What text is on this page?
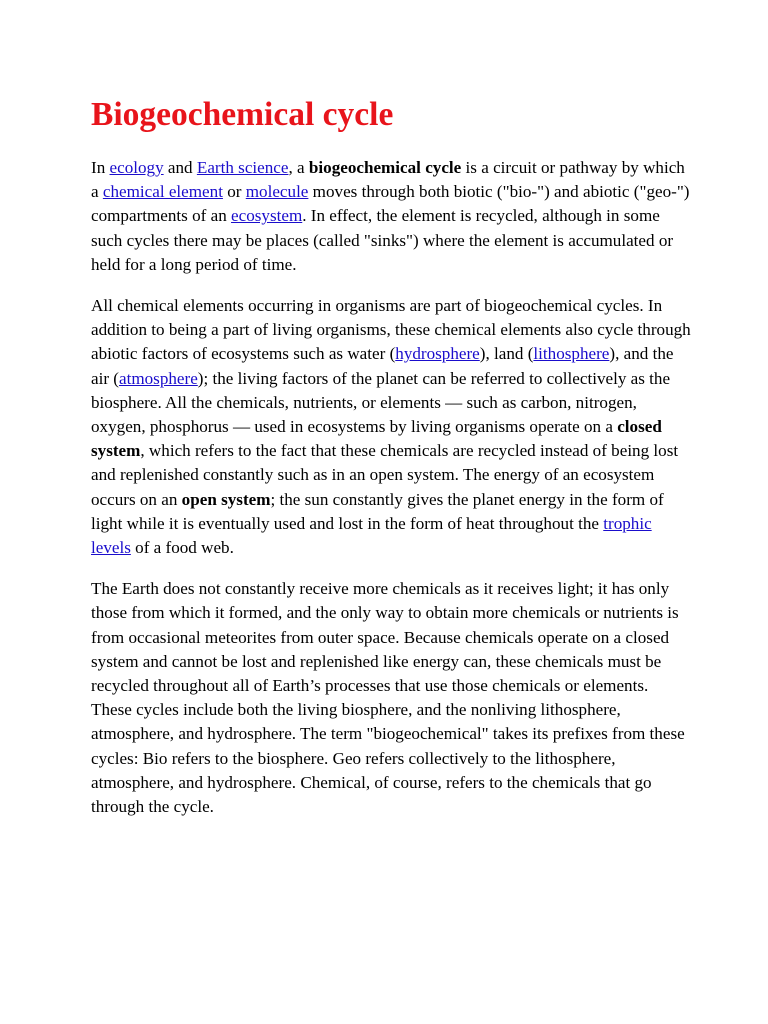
Biogeochemical cycle

In ecology and Earth science, a biogeochemical cycle is a circuit or pathway by which a chemical element or molecule moves through both biotic ("bio-") and abiotic ("geo-") compartments of an ecosystem. In effect, the element is recycled, although in some such cycles there may be places (called "sinks") where the element is accumulated or held for a long period of time.

All chemical elements occurring in organisms are part of biogeochemical cycles. In addition to being a part of living organisms, these chemical elements also cycle through abiotic factors of ecosystems such as water (hydrosphere), land (lithosphere), and the air (atmosphere); the living factors of the planet can be referred to collectively as the biosphere. All the chemicals, nutrients, or elements — such as carbon, nitrogen, oxygen, phosphorus — used in ecosystems by living organisms operate on a closed system, which refers to the fact that these chemicals are recycled instead of being lost and replenished constantly such as in an open system. The energy of an ecosystem occurs on an open system; the sun constantly gives the planet energy in the form of light while it is eventually used and lost in the form of heat throughout the trophic levels of a food web.

The Earth does not constantly receive more chemicals as it receives light; it has only those from which it formed, and the only way to obtain more chemicals or nutrients is from occasional meteorites from outer space. Because chemicals operate on a closed system and cannot be lost and replenished like energy can, these chemicals must be recycled throughout all of Earth’s processes that use those chemicals or elements. These cycles include both the living biosphere, and the nonliving lithosphere, atmosphere, and hydrosphere. The term "biogeochemical" takes its prefixes from these cycles: Bio refers to the biosphere. Geo refers collectively to the lithosphere, atmosphere, and hydrosphere. Chemical, of course, refers to the chemicals that go through the cycle.
